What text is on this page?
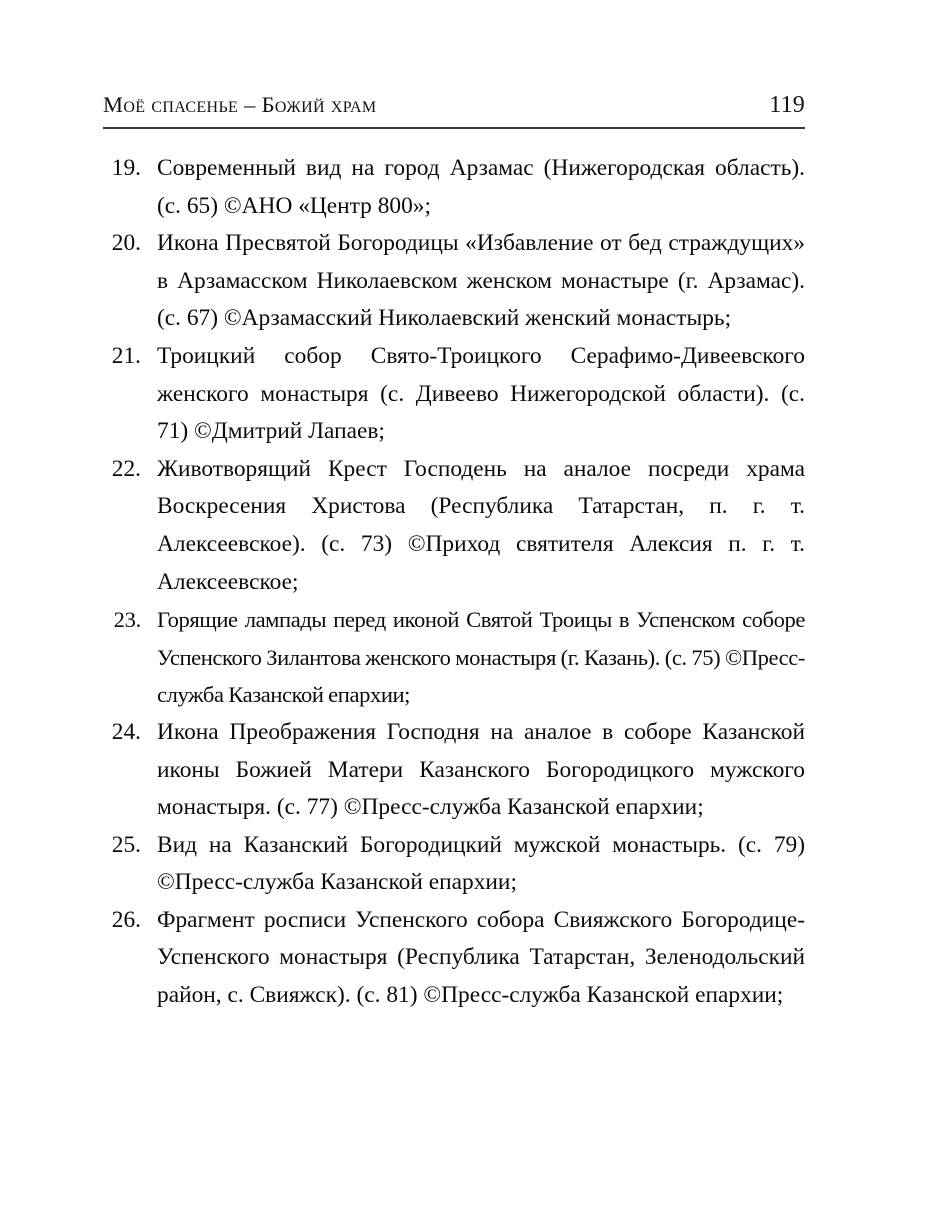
Моё спасенье – Божий храм	119

19. Современный вид на город Арзамас (Нижегородская область). (с. 65) ©АНО «Центр 800»;

20. Икона Пресвятой Богородицы «Избавление от бед страждущих» в Арзамасском Николаевском женском монастыре (г. Арзамас). (с. 67) ©Арзамасский Николаевский женский монастырь;

21. Троицкий собор Свято-Троицкого Серафимо-Дивеевского женского монастыря (с. Дивеево Нижегородской области). (с. 71) ©Дмитрий Лапаев;

22. Животворящий Крест Господень на аналое посреди храма Воскресения Христова (Республика Татарстан, п. г. т. Алексеевское). (с. 73) ©Приход святителя Алексия п. г. т. Алексеевское;

23. Горящие лампады перед иконой Святой Троицы в Успенском соборе Успенского Зилантова женского монастыря (г. Казань). (с. 75) ©Пресс-служба Казанской епархии;

24. Икона Преображения Господня на аналое в соборе Казанской иконы Божией Матери Казанского Богородицкого мужского монастыря. (с. 77) ©Пресс-служба Казанской епархии;

25. Вид на Казанский Богородицкий мужской монастырь. (с. 79) ©Пресс-служба Казанской епархии;

26. Фрагмент росписи Успенского собора Свияжского Богородице-Успенского монастыря (Республика Татарстан, Зеленодольский район, с. Свияжск). (с. 81) ©Пресс-служба Казанской епархии;
